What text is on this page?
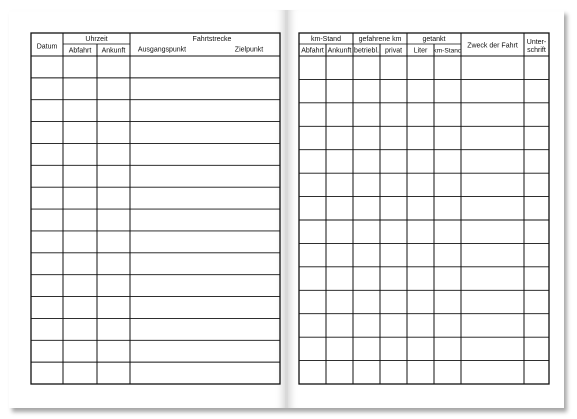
Datum
Uhrzeit
Abfahrt Ankunft
Fahrtstrecke
Ausgangspunkt	Zielpunkt
km-Stand
Abfahrt Ankunft
gefahrene km
betriebl. privat
getankt
Liter km-Stand
Zweck der Fahrt Unter-
schrift
